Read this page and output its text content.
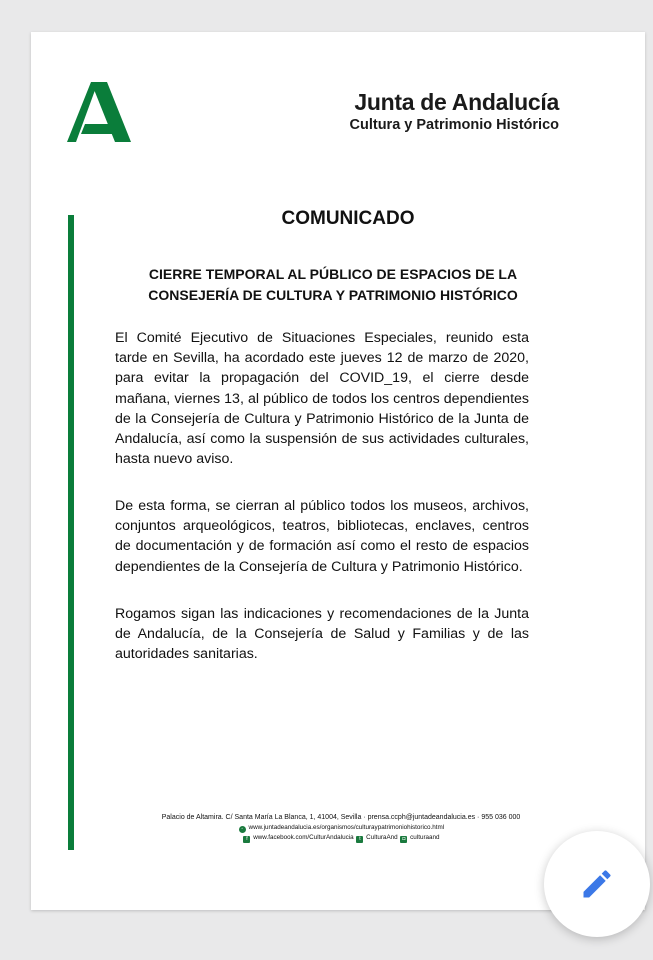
Junta de Andalucía
Cultura y Patrimonio Histórico
COMUNICADO
CIERRE TEMPORAL AL PÚBLICO DE ESPACIOS DE LA
CONSEJERÍA DE CULTURA Y PATRIMONIO HISTÓRICO

El Comité Ejecutivo de Situaciones Especiales, reunido esta tarde en Sevilla, ha acordado este jueves 12 de marzo de 2020, para evitar la propagación del COVID_19, el cierre desde mañana, viernes 13, al público de todos los centros dependientes de la Consejería de Cultura y Patrimonio Histórico de la Junta de Andalucía, así como la suspensión de sus actividades culturales, hasta nuevo aviso.

De esta forma, se cierran al público todos los museos, archivos, conjuntos arqueológicos, teatros, bibliotecas, enclaves, centros de documentación y de formación así como el resto de espacios dependientes de la Consejería de Cultura y Patrimonio Histórico.

Rogamos sigan las indicaciones y recomendaciones de la Junta de Andalucía, de la Consejería de Salud y Familias y de las autoridades sanitarias.

Palacio de Altamira. C/ Santa María La Blanca, 1, 41004, Sevilla · prensa.ccph@juntadeandalucia.es · 955 036 000
◦ www.juntadeandalucia.es/organismos/culturaypatrimoniohistorico.html
f www.facebook.com/CulturAndalucia t CulturaAnd ◘ culturaand
